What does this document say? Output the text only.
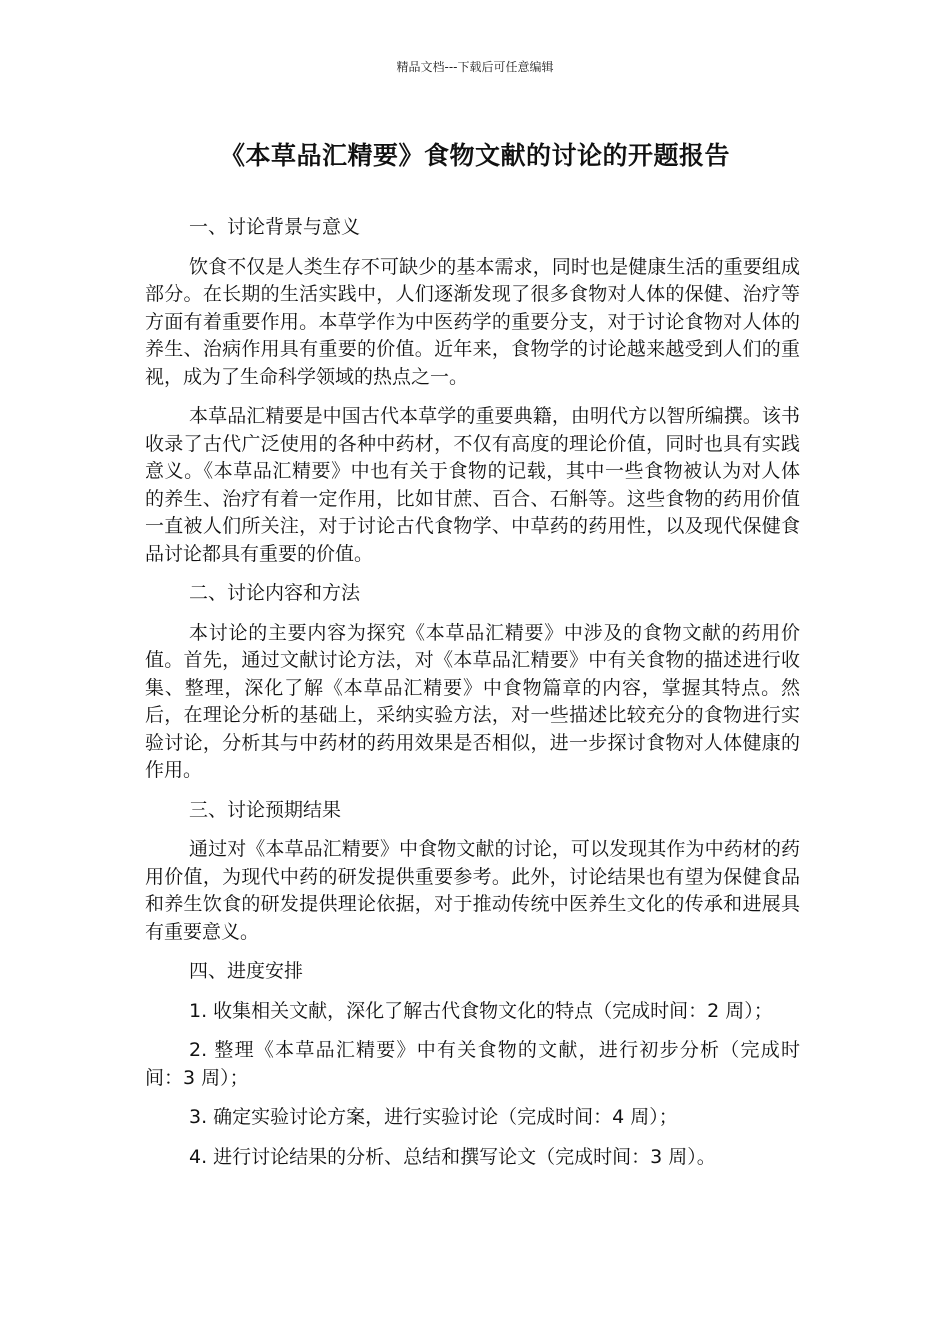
精品文档---下载后可任意编辑
《本草品汇精要》食物文献的讨论的开题报告
一、讨论背景与意义

饮食不仅是人类生存不可缺少的基本需求，同时也是健康生活的重要组成部分。在长期的生活实践中，人们逐渐发现了很多食物对人体的保健、治疗等方面有着重要作用。本草学作为中医药学的重要分支，对于讨论食物对人体的养生、治病作用具有重要的价值。近年来，食物学的讨论越来越受到人们的重视，成为了生命科学领域的热点之一。

本草品汇精要是中国古代本草学的重要典籍，由明代方以智所编撰。该书收录了古代广泛使用的各种中药材，不仅有高度的理论价值，同时也具有实践意义。《本草品汇精要》中也有关于食物的记载，其中一些食物被认为对人体的养生、治疗有着一定作用，比如甘蔗、百合、石斛等。这些食物的药用价值一直被人们所关注，对于讨论古代食物学、中草药的药用性，以及现代保健食品讨论都具有重要的价值。

二、讨论内容和方法

本讨论的主要内容为探究《本草品汇精要》中涉及的食物文献的药用价值。首先，通过文献讨论方法，对《本草品汇精要》中有关食物的描述进行收集、整理，深化了解《本草品汇精要》中食物篇章的内容，掌握其特点。然后，在理论分析的基础上，采纳实验方法，对一些描述比较充分的食物进行实验讨论，分析其与中药材的药用效果是否相似，进一步探讨食物对人体健康的作用。

三、讨论预期结果

通过对《本草品汇精要》中食物文献的讨论，可以发现其作为中药材的药用价值，为现代中药的研发提供重要参考。此外，讨论结果也有望为保健食品和养生饮食的研发提供理论依据，对于推动传统中医养生文化的传承和进展具有重要意义。

四、进度安排

1. 收集相关文献，深化了解古代食物文化的特点（完成时间：2 周）；

2. 整理《本草品汇精要》中有关食物的文献，进行初步分析（完成时间：3 周）；

3. 确定实验讨论方案，进行实验讨论（完成时间：4 周）；

4. 进行讨论结果的分析、总结和撰写论文（完成时间：3 周）。
